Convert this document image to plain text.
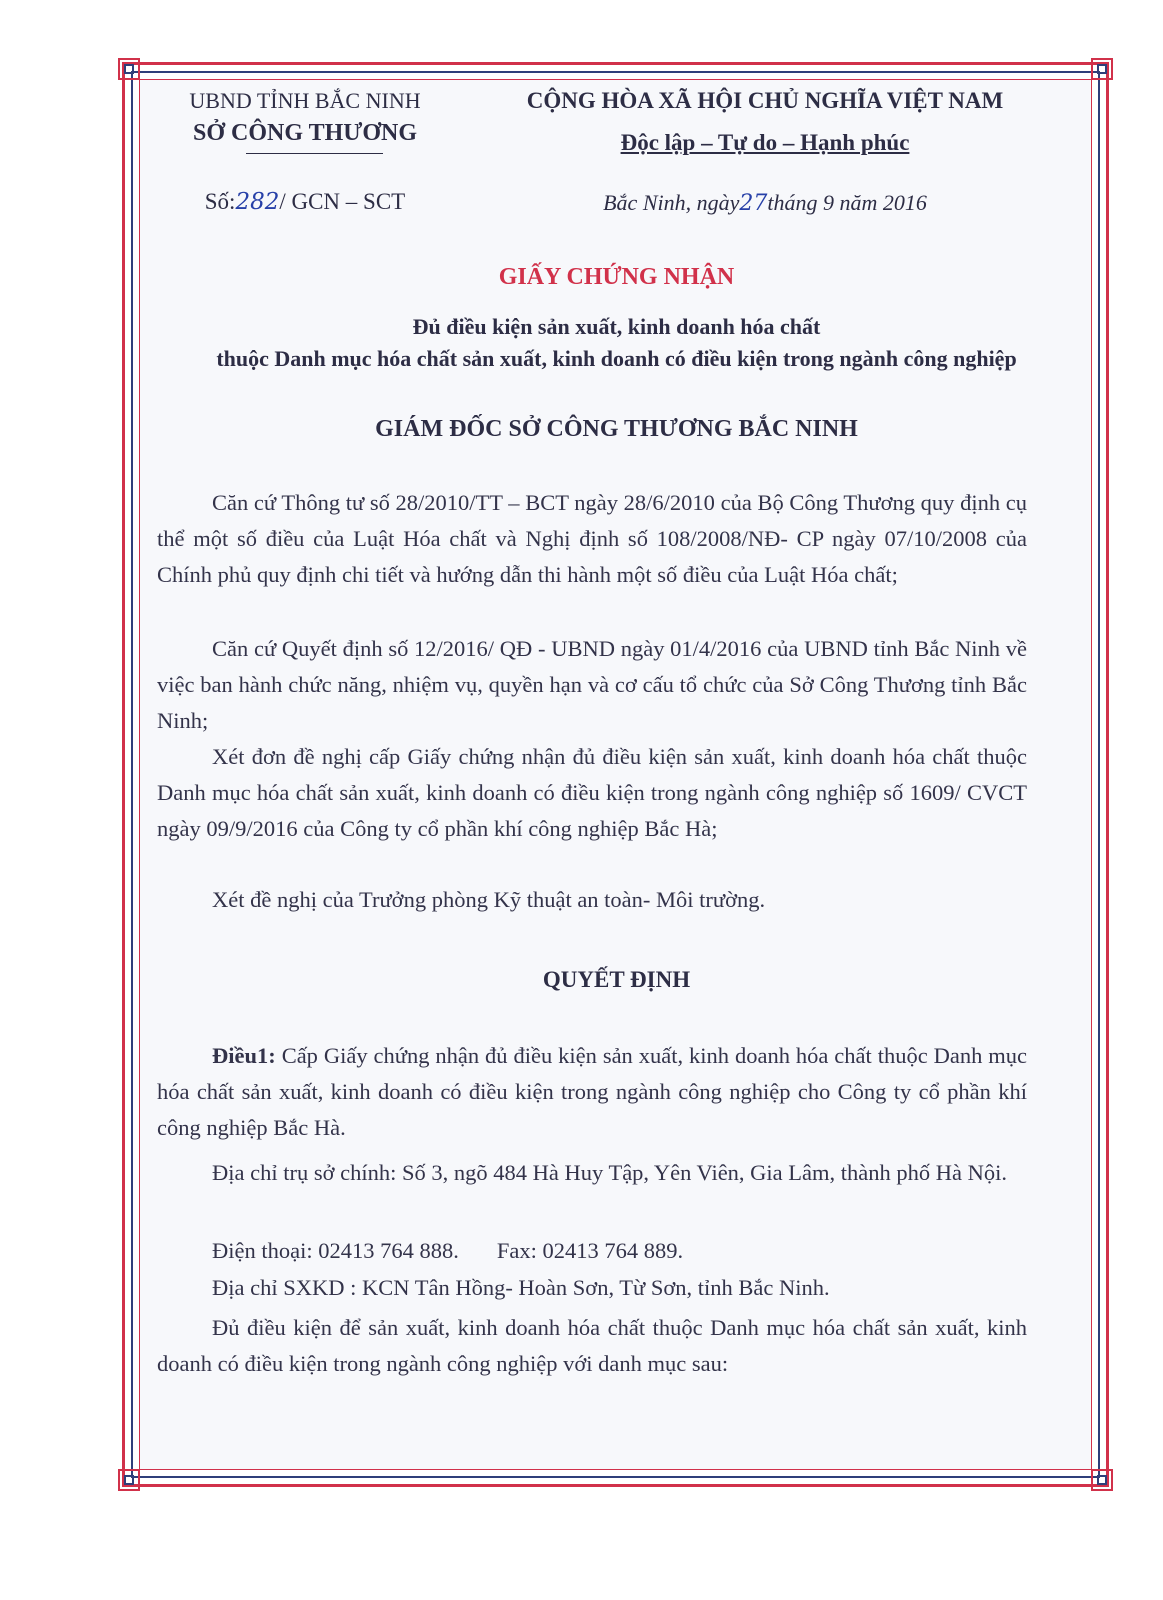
UBND TỈNH BẮC NINH
SỞ CÔNG THƯƠNG
CỘNG HÒA XÃ HỘI CHỦ NGHĨA VIỆT NAM
Độc lập – Tự do – Hạnh phúc
Số:282/ GCN – SCT	Bắc Ninh, ngày27tháng 9 năm 2016
GIẤY CHỨNG NHẬN
Đủ điều kiện sản xuất, kinh doanh hóa chất
thuộc Danh mục hóa chất sản xuất, kinh doanh có điều kiện trong ngành công nghiệp
GIÁM ĐỐC SỞ CÔNG THƯƠNG BẮC NINH
Căn cứ Thông tư số 28/2010/TT – BCT ngày 28/6/2010 của Bộ Công Thương quy định cụ thể một số điều của Luật Hóa chất và Nghị định số 108/2008/NĐ- CP ngày 07/10/2008 của Chính phủ quy định chi tiết và hướng dẫn thi hành một số điều của Luật Hóa chất;
Căn cứ Quyết định số 12/2016/ QĐ - UBND ngày 01/4/2016 của UBND tỉnh Bắc Ninh về việc ban hành chức năng, nhiệm vụ, quyền hạn và cơ cấu tổ chức của Sở Công Thương tỉnh Bắc Ninh;
Xét đơn đề nghị cấp Giấy chứng nhận đủ điều kiện sản xuất, kinh doanh hóa chất thuộc Danh mục hóa chất sản xuất, kinh doanh có điều kiện trong ngành công nghiệp số 1609/ CVCT ngày 09/9/2016 của Công ty cổ phần khí công nghiệp Bắc Hà;
Xét đề nghị của Trưởng phòng Kỹ thuật an toàn- Môi trường.
QUYẾT ĐỊNH
Điều1: Cấp Giấy chứng nhận đủ điều kiện sản xuất, kinh doanh hóa chất thuộc Danh mục hóa chất sản xuất, kinh doanh có điều kiện trong ngành công nghiệp cho Công ty cổ phần khí công nghiệp Bắc Hà.
Địa chỉ trụ sở chính: Số 3, ngõ 484 Hà Huy Tập, Yên Viên, Gia Lâm, thành phố Hà Nội.
Điện thoại: 02413 764 888. Fax: 02413 764 889.
Địa chỉ SXKD : KCN Tân Hồng- Hoàn Sơn, Từ Sơn, tỉnh Bắc Ninh.
Đủ điều kiện để sản xuất, kinh doanh hóa chất thuộc Danh mục hóa chất sản xuất, kinh doanh có điều kiện trong ngành công nghiệp với danh mục sau:
